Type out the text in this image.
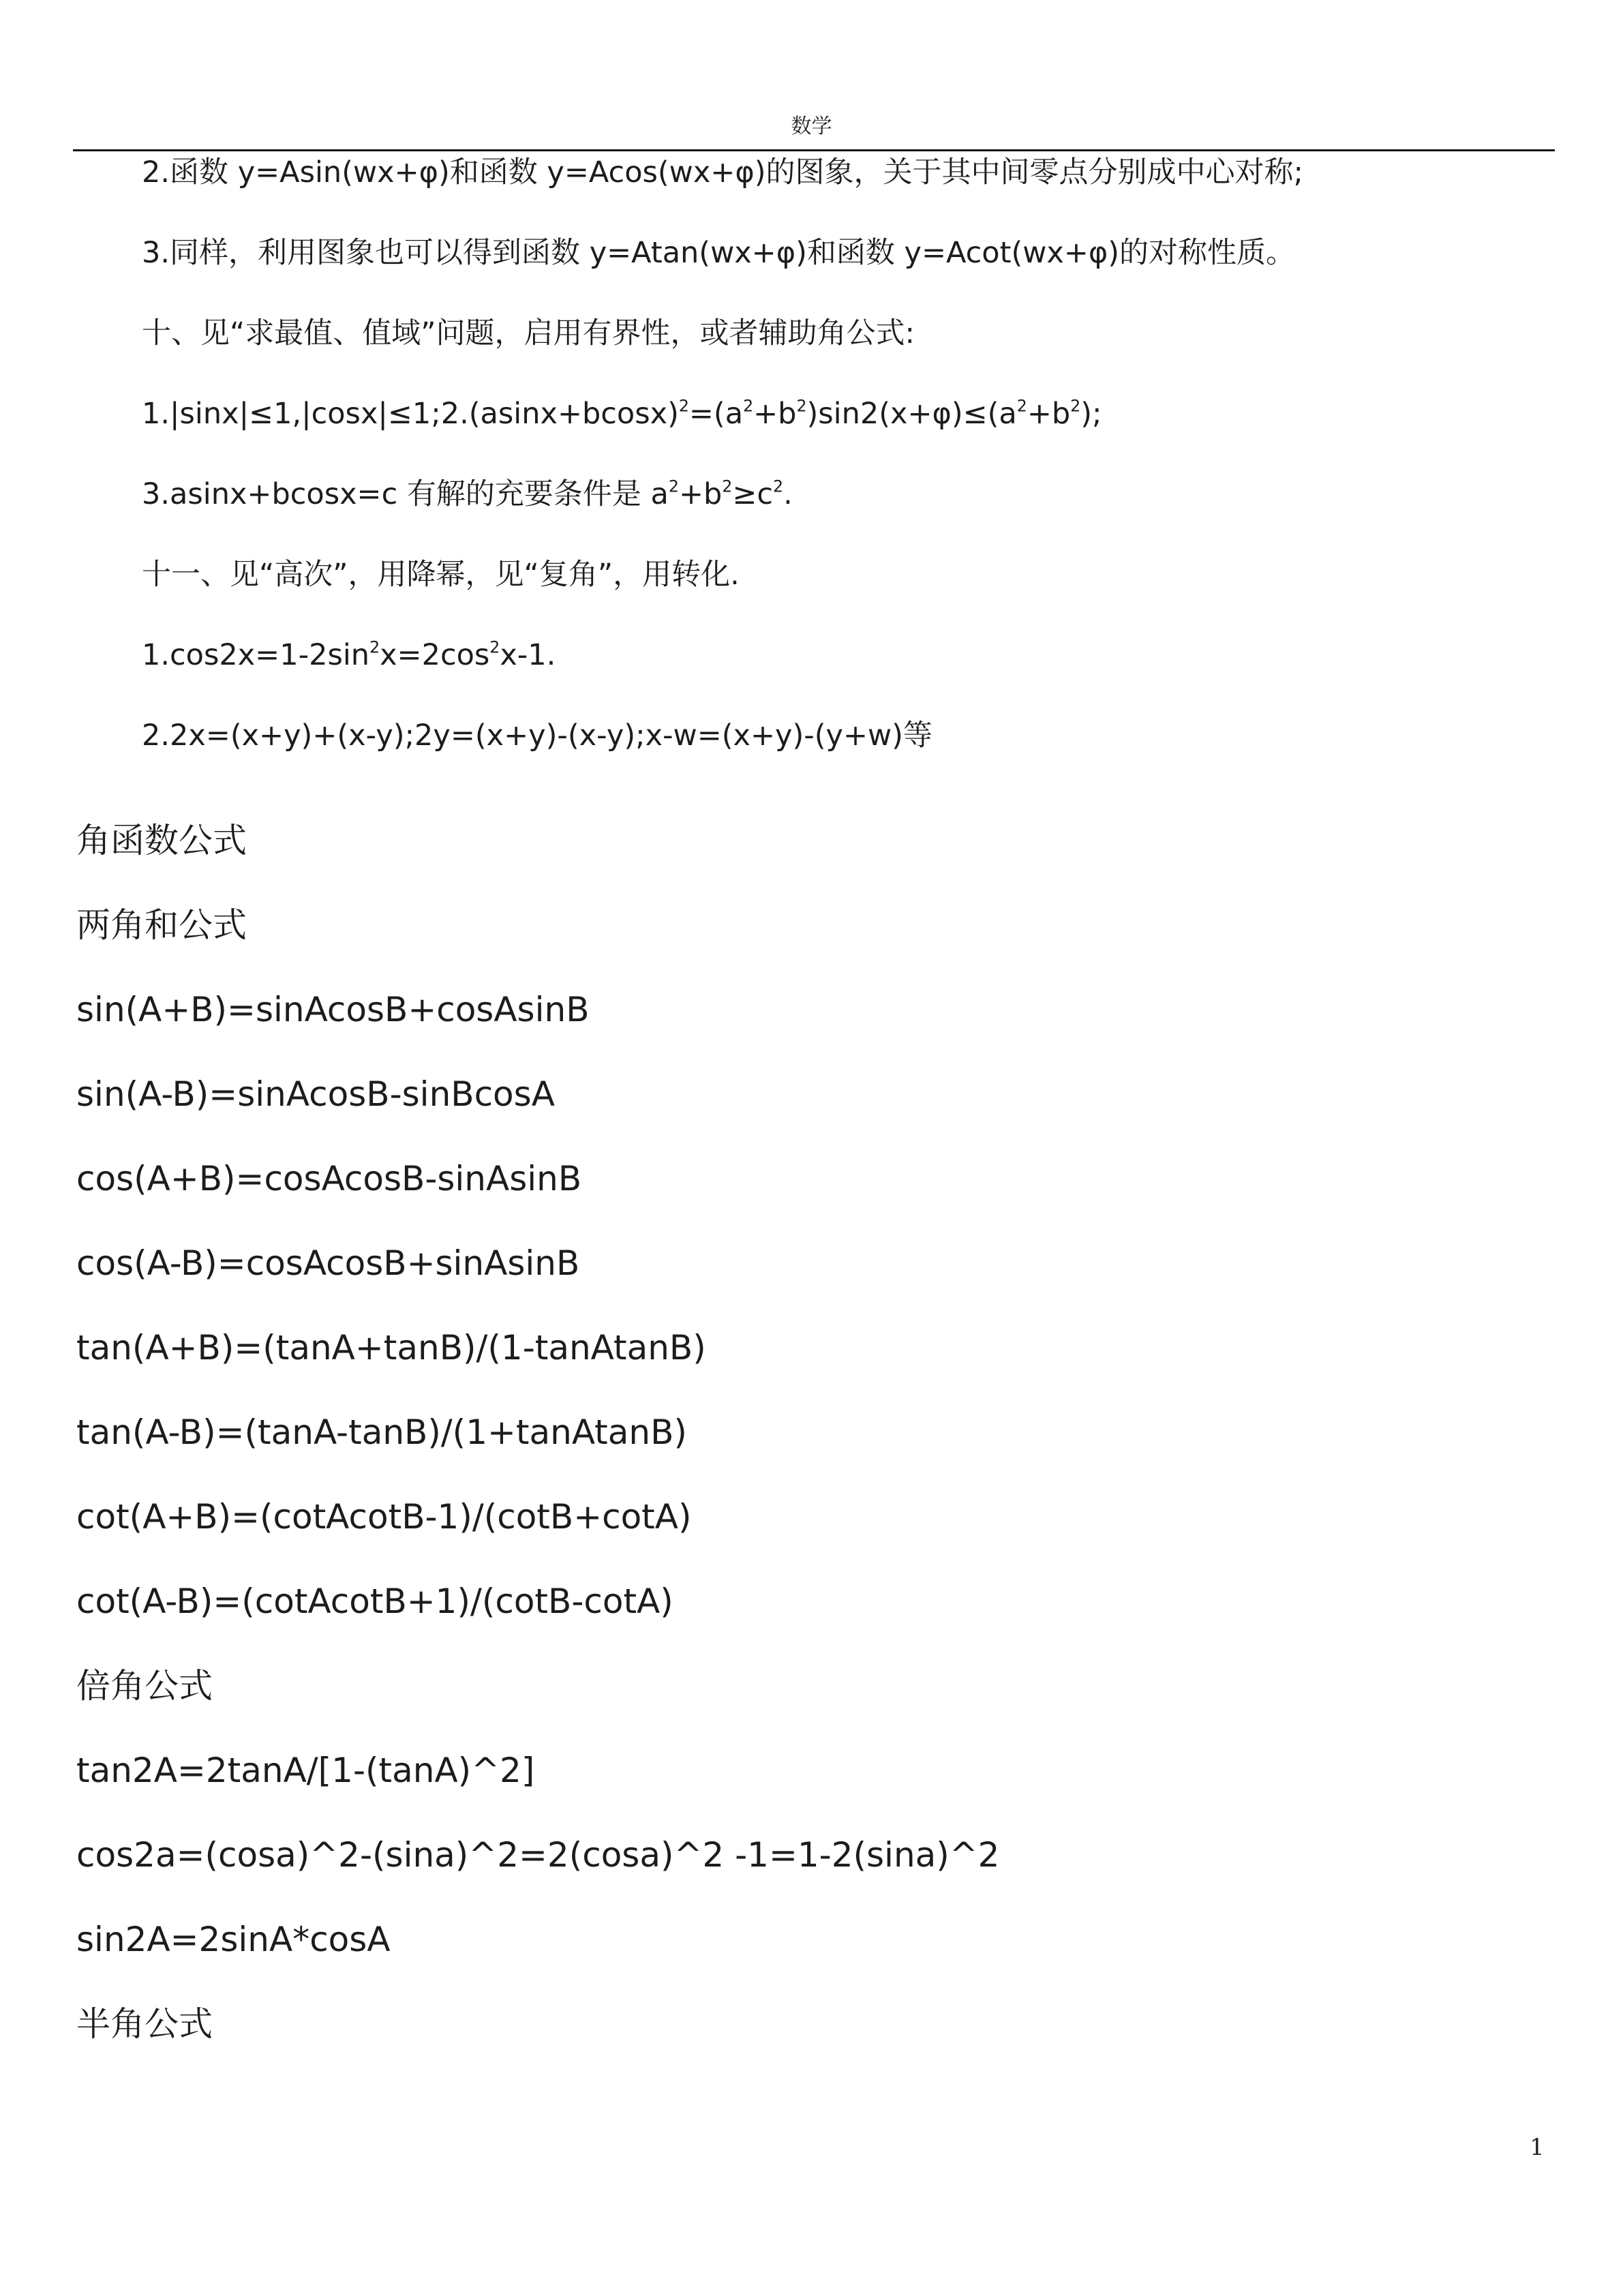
数学
2.函数 y=Asin(wx+φ)和函数 y=Acos(wx+φ)的图象，关于其中间零点分别成中心对称;
3.同样，利用图象也可以得到函数 y=Atan(wx+φ)和函数 y=Acot(wx+φ)的对称性质。
十、见“求最值、值域”问题，启用有界性，或者辅助角公式:
$1.|\sin x|\le 1,|\cos x|\le 1;2.(asinx+bcosx)^2=(a^2+b^2)\sin 2(x+\varphi)\le(a^2+b^2)$;
3.asinx+bcosx=c 有解的充要条件是 $a^2+b^2\ge c^2$.
十一、见“高次”，用降幂，见“复角”，用转化.
$1.\cos 2x=1-2\sin^2x=2\cos^2x-1$.
2.2x=(x+y)+(x-y);2y=(x+y)-(x-y);x-w=(x+y)-(y+w)等
角函数公式
两角和公式
sin(A+B)=sinAcosB+cosAsinB
sin(A-B)=sinAcosB-sinBcosA
cos(A+B)=cosAcosB-sinAsinB
cos(A-B)=cosAcosB+sinAsinB
tan(A+B)=(tanA+tanB)/(1-tanAtanB)
tan(A-B)=(tanA-tanB)/(1+tanAtanB)
cot(A+B)=(cotAcotB-1)/(cotB+cotA)
cot(A-B)=(cotAcotB+1)/(cotB-cotA)
倍角公式
tan2A=2tanA/[1-(tanA)^2]
cos2a=(cosa)^2-(sina)^2=2(cosa)^2 -1=1-2(sina)^2
sin2A=2sinA*cosA
半角公式
1
